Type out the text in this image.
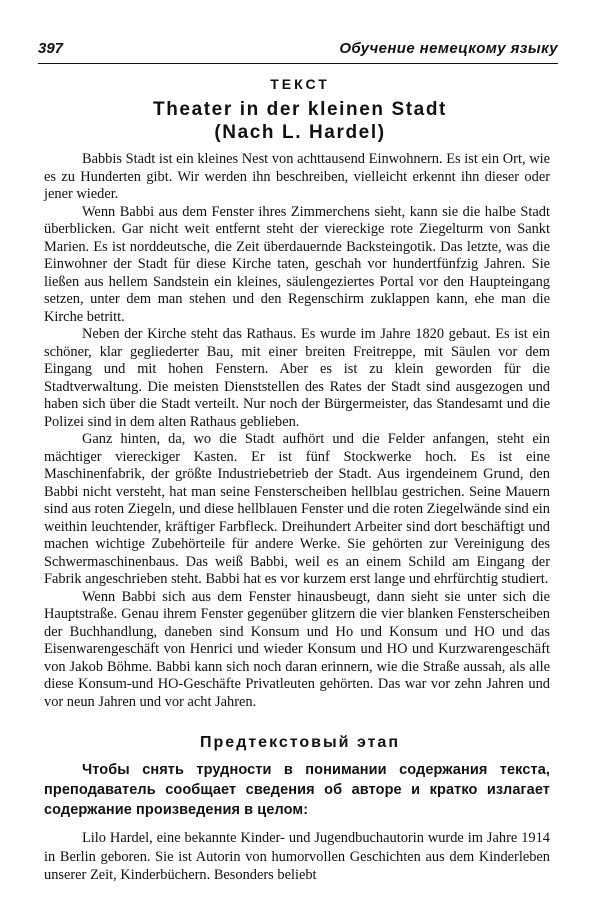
397	Обучение немецкому языку
ТЕКСТ
Theater in der kleinen Stadt
(Nach L. Hardel)

Babbis Stadt ist ein kleines Nest von achttausend Einwohnern. Es ist ein Ort, wie es zu Hunderten gibt. Wir werden ihn beschreiben, vielleicht erkennt ihn dieser oder jener wieder.

Wenn Babbi aus dem Fenster ihres Zimmerchens sieht, kann sie die halbe Stadt überblicken. Gar nicht weit entfernt steht der viereckige rote Ziegelturm von Sankt Marien. Es ist norddeutsche, die Zeit überdauernde Backsteingotik. Das letzte, was die Einwohner der Stadt für diese Kirche taten, geschah vor hundertfünfzig Jahren. Sie ließen aus hellem Sandstein ein kleines, säulengeziertes Portal vor den Haupteingang setzen, unter dem man stehen und den Regenschirm zuklappen kann, ehe man die Kirche betritt.

Neben der Kirche steht das Rathaus. Es wurde im Jahre 1820 gebaut. Es ist ein schöner, klar gegliederter Bau, mit einer breiten Freitreppe, mit Säulen vor dem Eingang und mit hohen Fenstern. Aber es ist zu klein geworden für die Stadtverwaltung. Die meisten Dienststellen des Rates der Stadt sind ausgezogen und haben sich über die Stadt verteilt. Nur noch der Bürgermeister, das Standesamt und die Polizei sind in dem alten Rathaus geblieben.

Ganz hinten, da, wo die Stadt aufhört und die Felder anfangen, steht ein mächtiger viereckiger Kasten. Er ist fünf Stockwerke hoch. Es ist eine Maschinenfabrik, der größte Industriebetrieb der Stadt. Aus irgendeinem Grund, den Babbi nicht versteht, hat man seine Fensterscheiben hellblau gestrichen. Seine Mauern sind aus roten Ziegeln, und diese hellblauen Fenster und die roten Ziegelwände sind ein weithin leuchtender, kräftiger Farbfleck. Dreihundert Arbeiter sind dort beschäftigt und machen wichtige Zubehörteile für andere Werke. Sie gehörten zur Vereinigung des Schwermaschinenbaus. Das weiß Babbi, weil es an einem Schild am Eingang der Fabrik angeschrieben steht. Babbi hat es vor kurzem erst lange und ehrfürchtig studiert.

Wenn Babbi sich aus dem Fenster hinausbeugt, dann sieht sie unter sich die Hauptstraße. Genau ihrem Fenster gegenüber glitzern die vier blanken Fensterscheiben der Buchhandlung, daneben sind Konsum und Ho und Konsum und HO und das Eisenwarengeschäft von Henrici und wieder Konsum und HO und Kurzwarengeschäft von Jakob Böhme. Babbi kann sich noch daran erinnern, wie die Straße aussah, als alle diese Konsum-und HO-Geschäfte Privatleuten gehörten. Das war vor zehn Jahren und vor neun Jahren und vor acht Jahren.

Предтекстовый этап

Чтобы снять трудности в понимании содержания текста, преподаватель сообщает сведения об авторе и кратко излагает содержание произведения в целом:

Lilo Hardel, eine bekannte Kinder- und Jugendbuchautorin wurde im Jahre 1914 in Berlin geboren. Sie ist Autorin von humorvollen Geschichten aus dem Kinderleben unserer Zeit, Kinderbüchern. Besonders beliebt
